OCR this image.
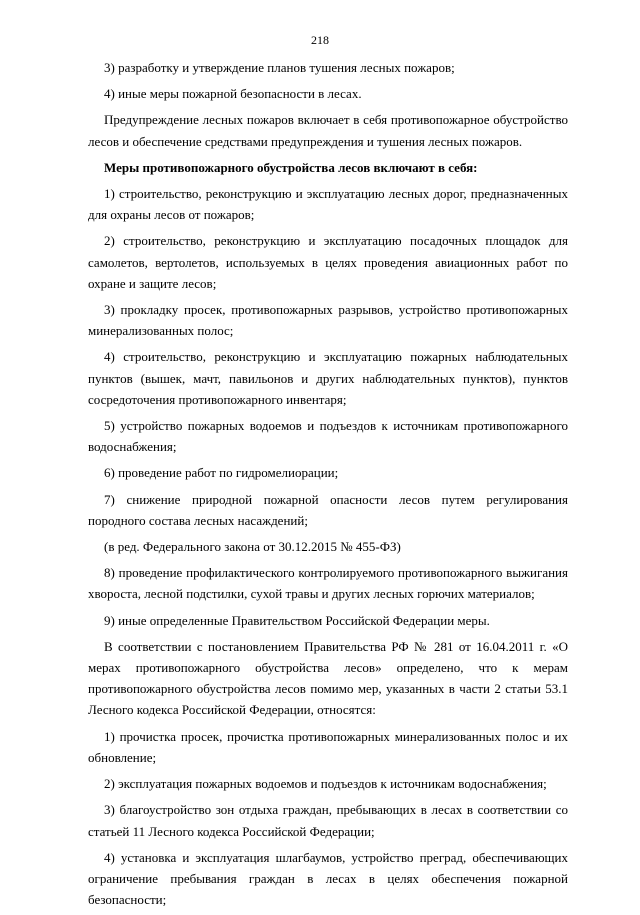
218

3) разработку и утверждение планов тушения лесных пожаров;

4) иные меры пожарной безопасности в лесах.

Предупреждение лесных пожаров включает в себя противопожарное обустройство лесов и обеспечение средствами предупреждения и тушения лесных пожаров.

Меры противопожарного обустройства лесов включают в себя:

1) строительство, реконструкцию и эксплуатацию лесных дорог, предназначенных для охраны лесов от пожаров;

2) строительство, реконструкцию и эксплуатацию посадочных площадок для самолетов, вертолетов, используемых в целях проведения авиационных работ по охране и защите лесов;

3) прокладку просек, противопожарных разрывов, устройство противопожарных минерализованных полос;

4) строительство, реконструкцию и эксплуатацию пожарных наблюдательных пунктов (вышек, мачт, павильонов и других наблюдательных пунктов), пунктов сосредоточения противопожарного инвентаря;

5) устройство пожарных водоемов и подъездов к источникам противопожарного водоснабжения;

6) проведение работ по гидромелиорации;

7) снижение природной пожарной опасности лесов путем регулирования породного состава лесных насаждений;

(в ред. Федерального закона от 30.12.2015 № 455-ФЗ)

8) проведение профилактического контролируемого противопожарного выжигания хвороста, лесной подстилки, сухой травы и других лесных горючих материалов;

9) иные определенные Правительством Российской Федерации меры.

В соответствии с постановлением Правительства РФ № 281 от 16.04.2011 г. «О мерах противопожарного обустройства лесов» определено, что к мерам противопожарного обустройства лесов помимо мер, указанных в части 2 статьи 53.1 Лесного кодекса Российской Федерации, относятся:

1) прочистка просек, прочистка противопожарных минерализованных полос и их обновление;

2) эксплуатация пожарных водоемов и подъездов к источникам водоснабжения;

3) благоустройство зон отдыха граждан, пребывающих в лесах в соответствии со статьей 11 Лесного кодекса Российской Федерации;

4) установка и эксплуатация шлагбаумов, устройство преград, обеспечивающих ограничение пребывания граждан в лесах в целях обеспечения пожарной безопасности;
